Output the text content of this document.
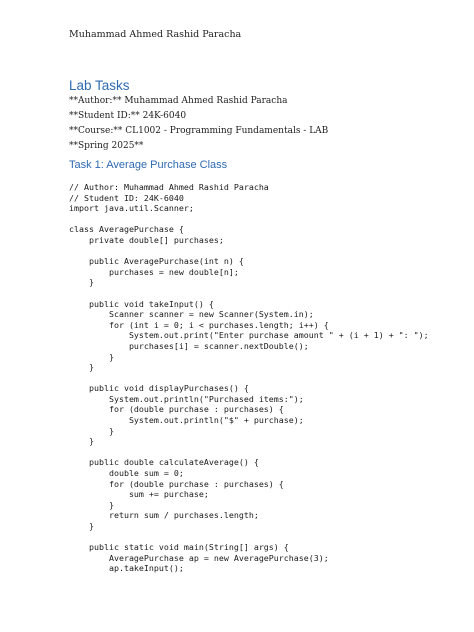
Muhammad Ahmed Rashid Paracha
Lab Tasks
**Author:** Muhammad Ahmed Rashid Paracha
**Student ID:** 24K-6040
**Course:** CL1002 - Programming Fundamentals - LAB
**Spring 2025**
Task 1: Average Purchase Class
// Author: Muhammad Ahmed Rashid Paracha
// Student ID: 24K-6040
import java.util.Scanner;

class AveragePurchase {
private double[] purchases;

public AveragePurchase(int n) {
purchases = new double[n];
}

public void takeInput() {
Scanner scanner = new Scanner(System.in);
for (int i = 0; i < purchases.length; i++) {
System.out.print("Enter purchase amount " + (i + 1) + ": ");
purchases[i] = scanner.nextDouble();
}
}

public void displayPurchases() {
System.out.println("Purchased items:");
for (double purchase : purchases) {
System.out.println("$" + purchase);
}
}

public double calculateAverage() {
double sum = 0;
for (double purchase : purchases) {
sum += purchase;
}
return sum / purchases.length;
}

public static void main(String[] args) {
AveragePurchase ap = new AveragePurchase(3);
ap.takeInput();
